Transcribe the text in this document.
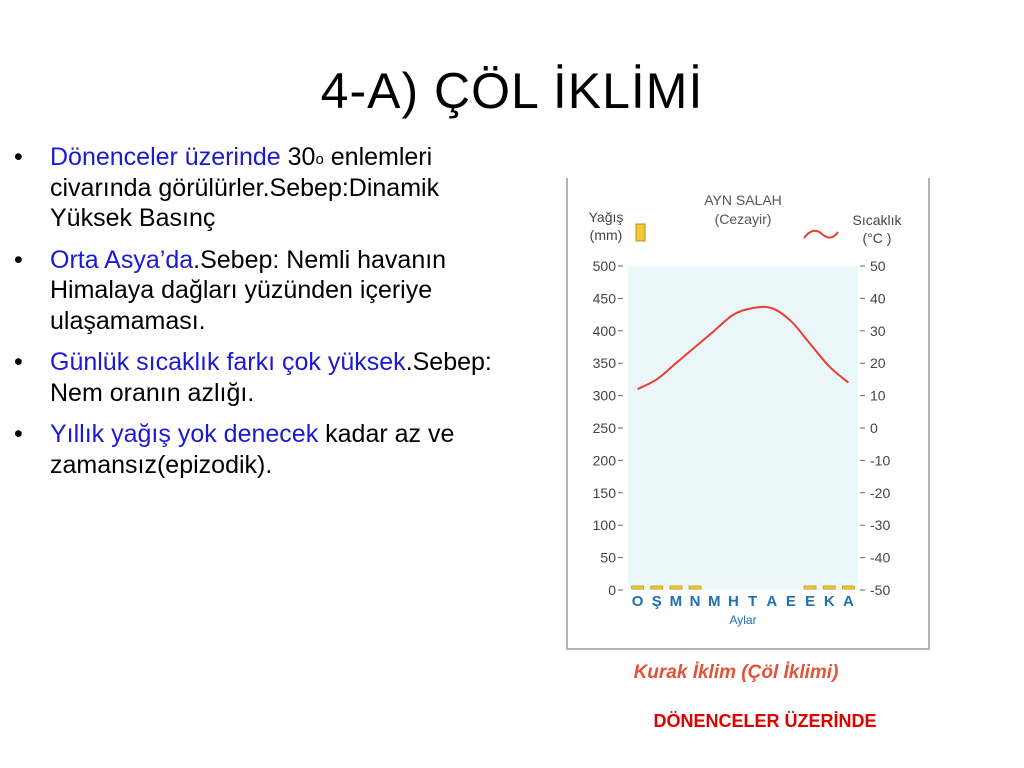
4-A) ÇÖL İKLİMİ
• Dönenceler üzerinde 30$^o$ enlemleri civarında görülürler.Sebep:Dinamik Yüksek Basınç
• Orta Asya’da.Sebep: Nemli havanın Himalaya dağları yüzünden içeriye ulaşamaması.
• Günlük sıcaklık farkı çok yüksek.Sebep: Nem oranın azlığı.
• Yıllık yağış yok denecek kadar az ve zamansız(epizodik).
AYN SALAH
(Cezayir)
Yağış
(mm)
Sıcaklık
(°C )
0
50
100
150
200
250
300
350
400
450
500
-50
-40
-30
-20
-10
0
10
20
30
40
50
O Ş M N M H T A E E K A
Aylar
Kurak İklim (Çöl İklimi)
DÖNENCELER ÜZERİNDE
